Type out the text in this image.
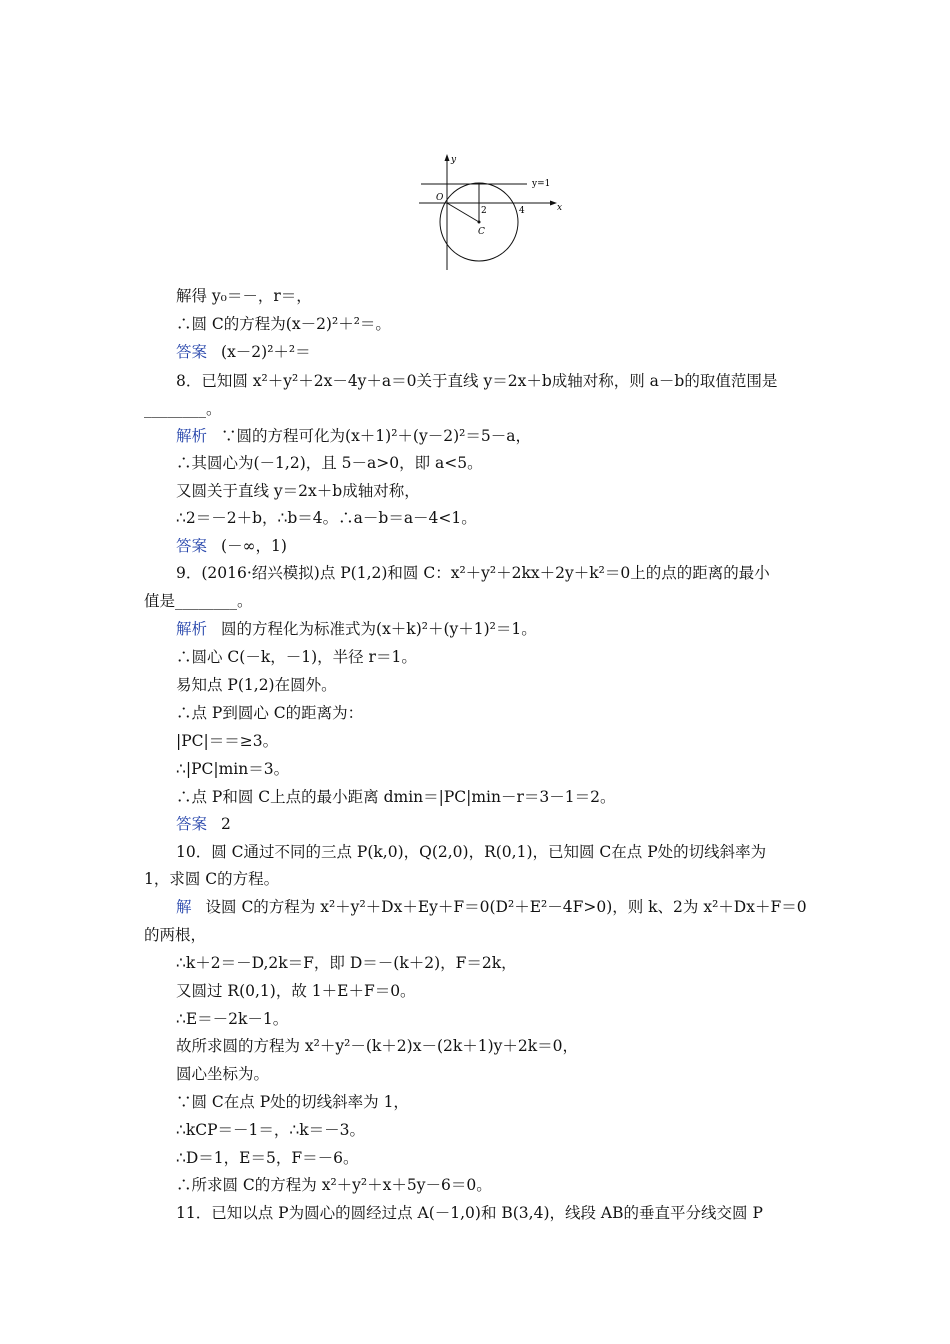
y
x
O
y=1
2	4
C
解得 y₀＝－，r＝，
∴圆 C的方程为(x－2)²＋²＝。
答案 (x－2)²＋²＝
8．已知圆 x²＋y²＋2x－4y＋a＝0关于直线 y＝2x＋b成轴对称，则 a－b的取值范围是
________。
解析 ∵圆的方程可化为(x＋1)²＋(y－2)²＝5－a，
∴其圆心为(－1,2)，且 5－a>0，即 a<5。
又圆关于直线 y＝2x＋b成轴对称，
∴2＝－2＋b，∴b＝4。∴a－b＝a－4<1。
答案 (－∞，1)
9．(2016·绍兴模拟)点 P(1,2)和圆 C：x²＋y²＋2kx＋2y＋k²＝0上的点的距离的最小
值是________。
解析 圆的方程化为标准式为(x＋k)²＋(y＋1)²＝1。
∴圆心 C(－k，－1)，半径 r＝1。
易知点 P(1,2)在圆外。
∴点 P到圆心 C的距离为：
|PC|＝＝≥3。
∴|PC|min＝3。
∴点 P和圆 C上点的最小距离 dmin＝|PC|min－r＝3－1＝2。
答案 2
10．圆 C通过不同的三点 P(k,0)，Q(2,0)，R(0,1)，已知圆 C在点 P处的切线斜率为
1，求圆 C的方程。
解 设圆 C的方程为 x²＋y²＋Dx＋Ey＋F＝0(D²＋E²－4F>0)，则 k、2为 x²＋Dx＋F＝0
的两根，
∴k＋2＝－D,2k＝F，即 D＝－(k＋2)，F＝2k，
又圆过 R(0,1)，故 1＋E＋F＝0。
∴E＝－2k－1。
故所求圆的方程为 x²＋y²－(k＋2)x－(2k＋1)y＋2k＝0，
圆心坐标为。
∵圆 C在点 P处的切线斜率为 1，
∴kCP＝－1＝，∴k＝－3。
∴D＝1，E＝5，F＝－6。
∴所求圆 C的方程为 x²＋y²＋x＋5y－6＝0。
11．已知以点 P为圆心的圆经过点 A(－1,0)和 B(3,4)，线段 AB的垂直平分线交圆 P
